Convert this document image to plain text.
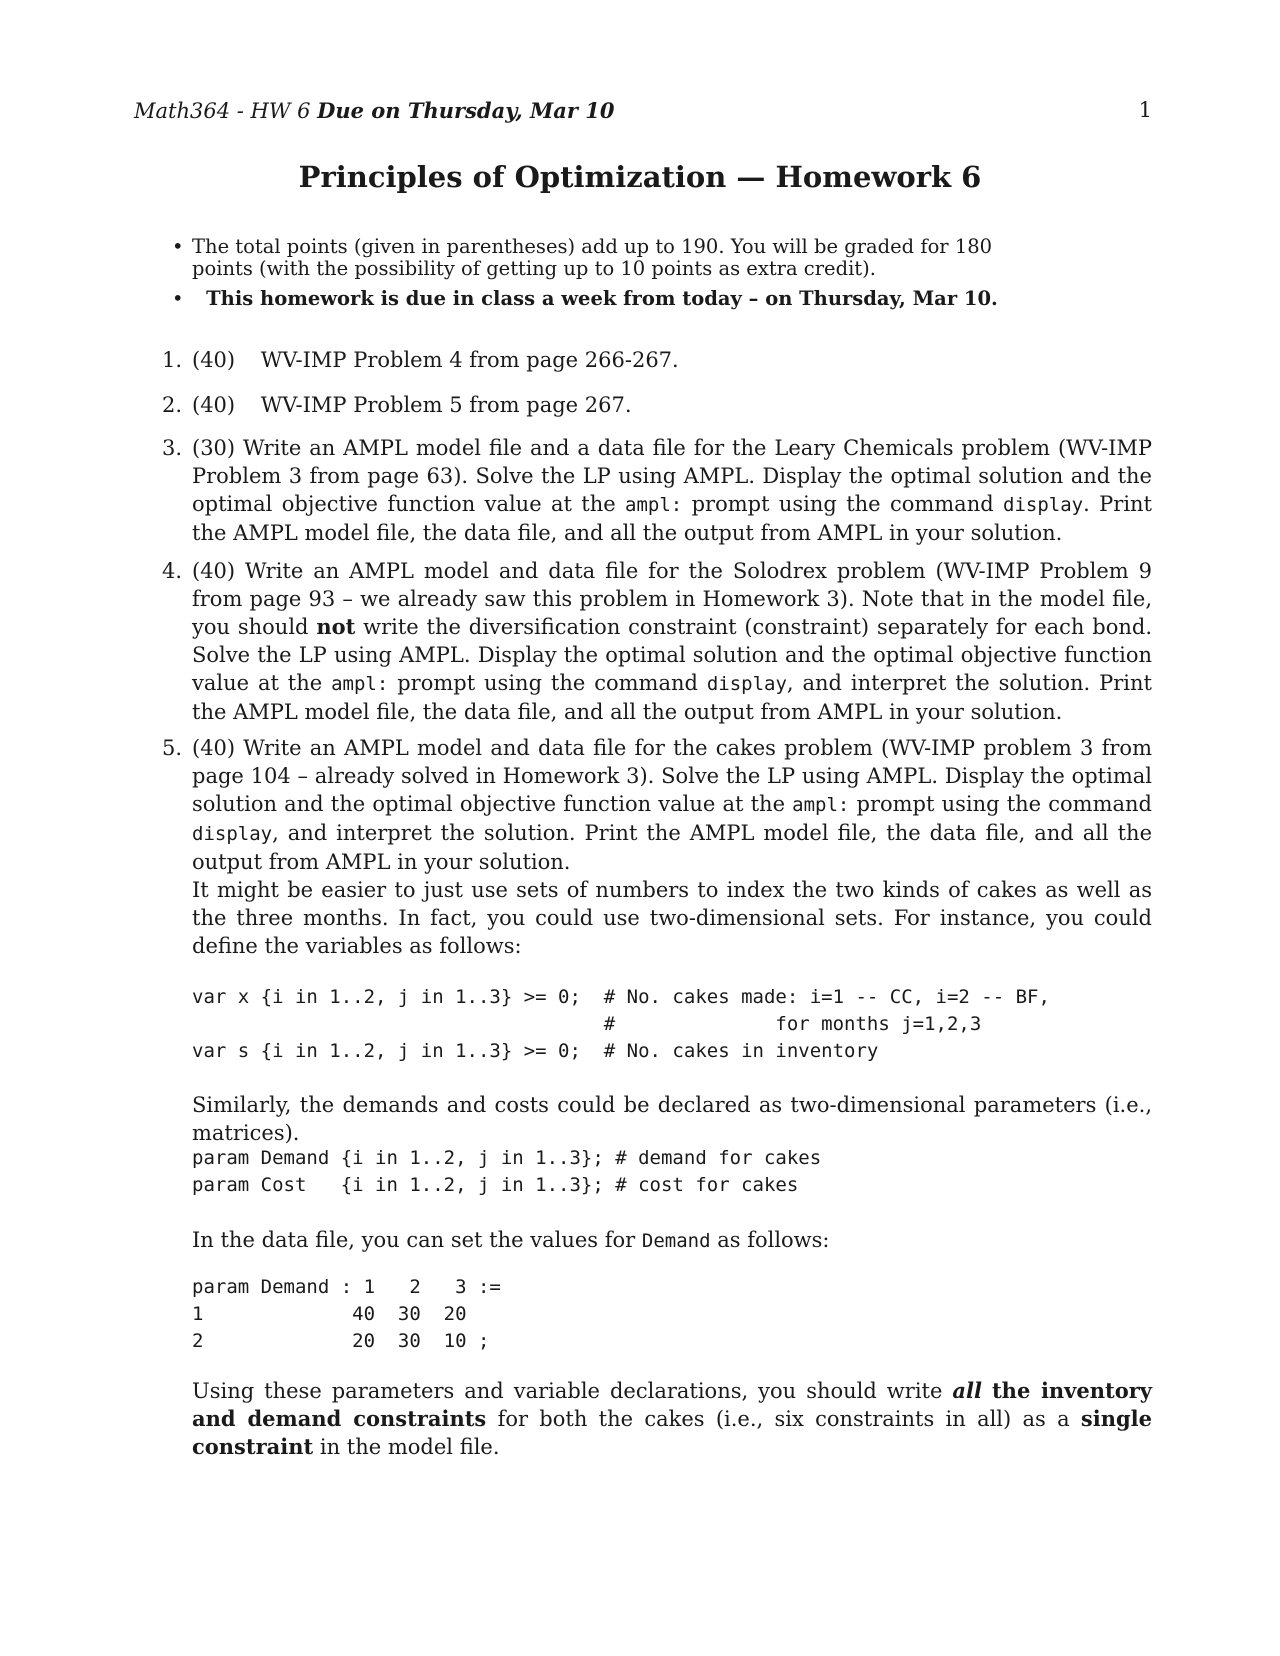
Math364 - HW 6 Due on Thursday, Mar 10	1
Principles of Optimization — Homework 6
• The total points (given in parentheses) add up to 190. You will be graded for 180 points (with the possibility of getting up to 10 points as extra credit).
•	This homework is due in class a week from today – on Thursday, Mar 10.
1. (40) WV-IMP Problem 4 from page 266-267.
2. (40) WV-IMP Problem 5 from page 267.
3. (30) Write an AMPL model file and a data file for the Leary Chemicals problem (WV-IMP Problem 3 from page 63). Solve the LP using AMPL. Display the optimal solution and the optimal objective function value at the ampl: prompt using the command display. Print the AMPL model file, the data file, and all the output from AMPL in your solution.

4. (40) Write an AMPL model and data file for the Solodrex problem (WV-IMP Problem 9 from page 93 – we already saw this problem in Homework 3). Note that in the model file, you should not write the diversification constraint (constraint) separately for each bond. Solve the LP using AMPL. Display the optimal solution and the optimal objective function value at the ampl: prompt using the command display, and interpret the solution. Print the AMPL model file, the data file, and all the output from AMPL in your solution.

5. (40) Write an AMPL model and data file for the cakes problem (WV-IMP problem 3 from page 104 – already solved in Homework 3). Solve the LP using AMPL. Display the optimal solution and the optimal objective function value at the ampl: prompt using the command display, and interpret the solution. Print the AMPL model file, the data file, and all the output from AMPL in your solution.

It might be easier to just use sets of numbers to index the two kinds of cakes as well as the three months. In fact, you could use two-dimensional sets. For instance, you could define the variables as follows:

var x {i in 1..2, j in 1..3} >= 0;  # No. cakes made: i=1 -- CC, i=2 -- BF,
#              for months j=1,2,3
var s {i in 1..2, j in 1..3} >= 0;  # No. cakes in inventory

Similarly, the demands and costs could be declared as two-dimensional parameters (i.e., matrices).

param Demand {i in 1..2, j in 1..3}; # demand for cakes
param Cost   {i in 1..2, j in 1..3}; # cost for cakes

In the data file, you can set the values for Demand as follows:

param Demand : 1   2   3 :=
1             40  30  20
2             20  30  10 ;

Using these parameters and variable declarations, you should write all the inventory and demand constraints for both the cakes (i.e., six constraints in all) as a single constraint in the model file.
